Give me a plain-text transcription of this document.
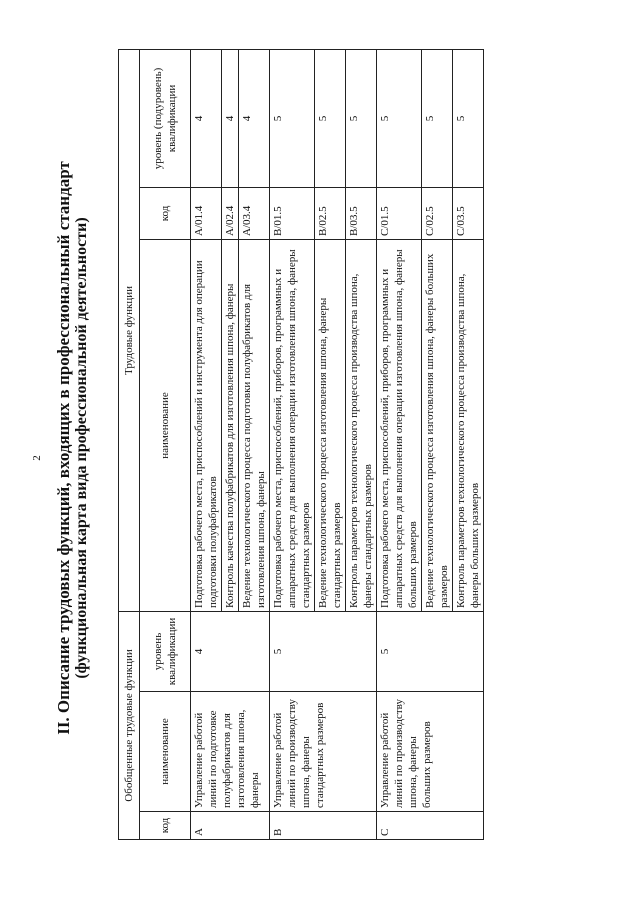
2 II. Описание трудовых функций, входящих в профессиональный стандарт (функциональная карта вида профессиональной деятельности)
Обобщенные трудовые функции			Трудовые функции		
код	наименование	уровень квалификации	наименование	код	уровень (подуровень) квалификации
A	Управление работой линий по подготовке полуфабрикатов для изготовления шпона, фанеры	4	Подготовка рабочего места, приспособлений и инструмента для операции подготовки полуфабрикатов	A/01.4	4
			Контроль качества полуфабрикатов для изготовления шпона, фанеры	A/02.4	4
			Ведение технологического процесса подготовки полуфабрикатов для изготовления шпона, фанеры	A/03.4	4
B	Управление работой линий по производству шпона, фанеры стандартных размеров	5	Подготовка рабочего места, приспособлений, приборов, программных и аппаратных средств для выполнения операции изготовления шпона, фанеры стандартных размеров	B/01.5	5
			Ведение технологического процесса изготовления шпона, фанеры стандартных размеров	B/02.5	5
			Контроль параметров технологического процесса производства шпона, фанеры стандартных размеров	B/03.5	5
C	Управление работой линий по производству шпона, фанеры больших размеров	5	Подготовка рабочего места, приспособлений, приборов, программных и аппаратных средств для выполнения операции изготовления шпона, фанеры больших размеров	C/01.5	5
			Ведение технологического процесса изготовления шпона, фанеры больших размеров	C/02.5	5
			Контроль параметров технологического процесса производства шпона, фанеры больших размеров	C/03.5	5
